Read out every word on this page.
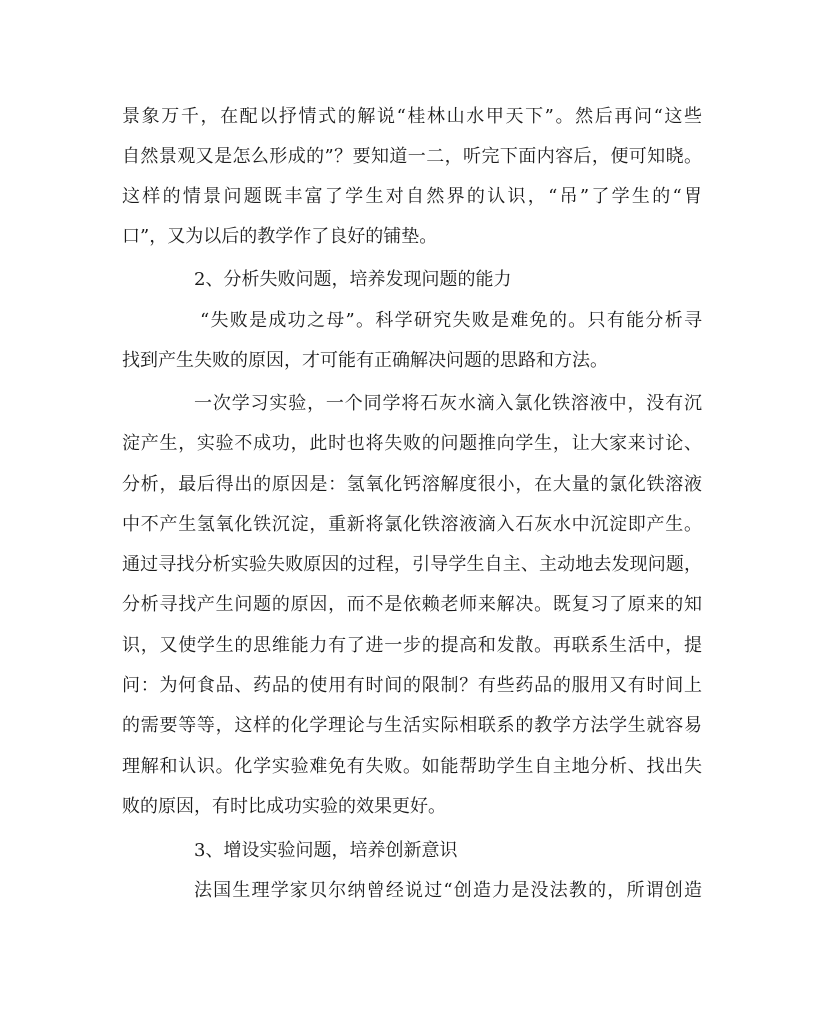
景象万千，在配以抒情式的解说“桂林山水甲天下”。然后再问“这些
自然景观又是怎么形成的”？要知道一二，听完下面内容后，便可知晓。
这样的情景问题既丰富了学生对自然界的认识，“吊”了学生的“胃
口”，又为以后的教学作了良好的铺垫。
2、分析失败问题，培养发现问题的能力
“失败是成功之母”。科学研究失败是难免的。只有能分析寻
找到产生失败的原因，才可能有正确解决问题的思路和方法。
一次学习实验，一个同学将石灰水滴入氯化铁溶液中，没有沉
淀产生，实验不成功，此时也将失败的问题推向学生，让大家来讨论、
分析，最后得出的原因是：氢氧化钙溶解度很小，在大量的氯化铁溶液
中不产生氢氧化铁沉淀，重新将氯化铁溶液滴入石灰水中沉淀即产生。
通过寻找分析实验失败原因的过程，引导学生自主、主动地去发现问题，
分析寻找产生问题的原因，而不是依赖老师来解决。既复习了原来的知
识，又使学生的思维能力有了进一步的提高和发散。再联系生活中，提
问：为何食品、药品的使用有时间的限制？有些药品的服用又有时间上
的需要等等，这样的化学理论与生活实际相联系的教学方法学生就容易
理解和认识。化学实验难免有失败。如能帮助学生自主地分析、找出失
败的原因，有时比成功实验的效果更好。
3、增设实验问题，培养创新意识
法国生理学家贝尔纳曾经说过“创造力是没法教的，所谓创造
